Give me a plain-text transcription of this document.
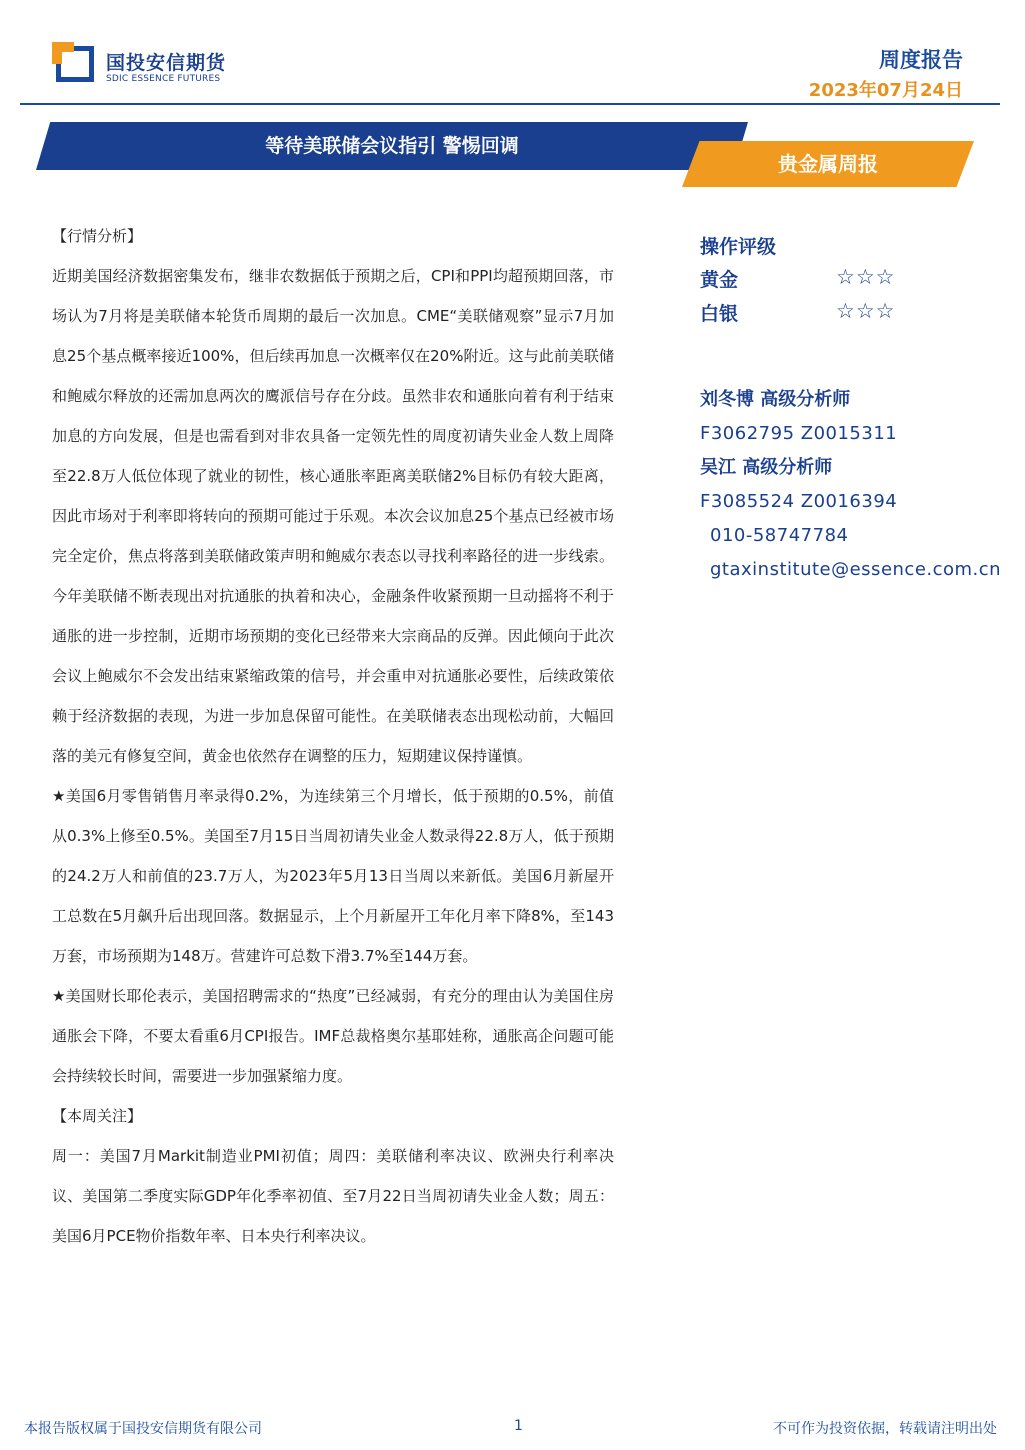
国投安信期货
SDIC ESSENCE FUTURES
周度报告
2023年07月24日
等待美联储会议指引 警惕回调
贵金属周报

【行情分析】

近期美国经济数据密集发布，继非农数据低于预期之后，CPI和PPI均超预期回落，市场认为7月将是美联储本轮货币周期的最后一次加息。CME“美联储观察”显示7月加息25个基点概率接近100%，但后续再加息一次概率仅在20%附近。这与此前美联储和鲍威尔释放的还需加息两次的鹰派信号存在分歧。虽然非农和通胀向着有利于结束加息的方向发展，但是也需看到对非农具备一定领先性的周度初请失业金人数上周降至22.8万人低位体现了就业的韧性，核心通胀率距离美联储2%目标仍有较大距离，因此市场对于利率即将转向的预期可能过于乐观。本次会议加息25个基点已经被市场完全定价，焦点将落到美联储政策声明和鲍威尔表态以寻找利率路径的进一步线索。今年美联储不断表现出对抗通胀的执着和决心，金融条件收紧预期一旦动摇将不利于通胀的进一步控制，近期市场预期的变化已经带来大宗商品的反弹。因此倾向于此次会议上鲍威尔不会发出结束紧缩政策的信号，并会重申对抗通胀必要性，后续政策依赖于经济数据的表现，为进一步加息保留可能性。在美联储表态出现松动前，大幅回落的美元有修复空间，黄金也依然存在调整的压力，短期建议保持谨慎。

★美国6月零售销售月率录得0.2%，为连续第三个月增长，低于预期的0.5%，前值从0.3%上修至0.5%。美国至7月15日当周初请失业金人数录得22.8万人，低于预期的24.2万人和前值的23.7万人，为2023年5月13日当周以来新低。美国6月新屋开工总数在5月飙升后出现回落。数据显示，上个月新屋开工年化月率下降8%，至143万套，市场预期为148万。营建许可总数下滑3.7%至144万套。

★美国财长耶伦表示，美国招聘需求的“热度”已经减弱，有充分的理由认为美国住房通胀会下降，不要太看重6月CPI报告。IMF总裁格奥尔基耶娃称，通胀高企问题可能会持续较长时间，需要进一步加强紧缩力度。

【本周关注】

周一：美国7月Markit制造业PMI初值；周四：美联储利率决议、欧洲央行利率决议、美国第二季度实际GDP年化季率初值、至7月22日当周初请失业金人数；周五：美国6月PCE物价指数年率、日本央行利率决议。

操作评级
黄金	☆☆☆
白银	☆☆☆
刘冬博 高级分析师
F3062795 Z0015311
吴江 高级分析师
F3085524 Z0016394
010-58747784
gtaxinstitute@essence.com.cn
本报告版权属于国投安信期货有限公司	1	不可作为投资依据，转载请注明出处
